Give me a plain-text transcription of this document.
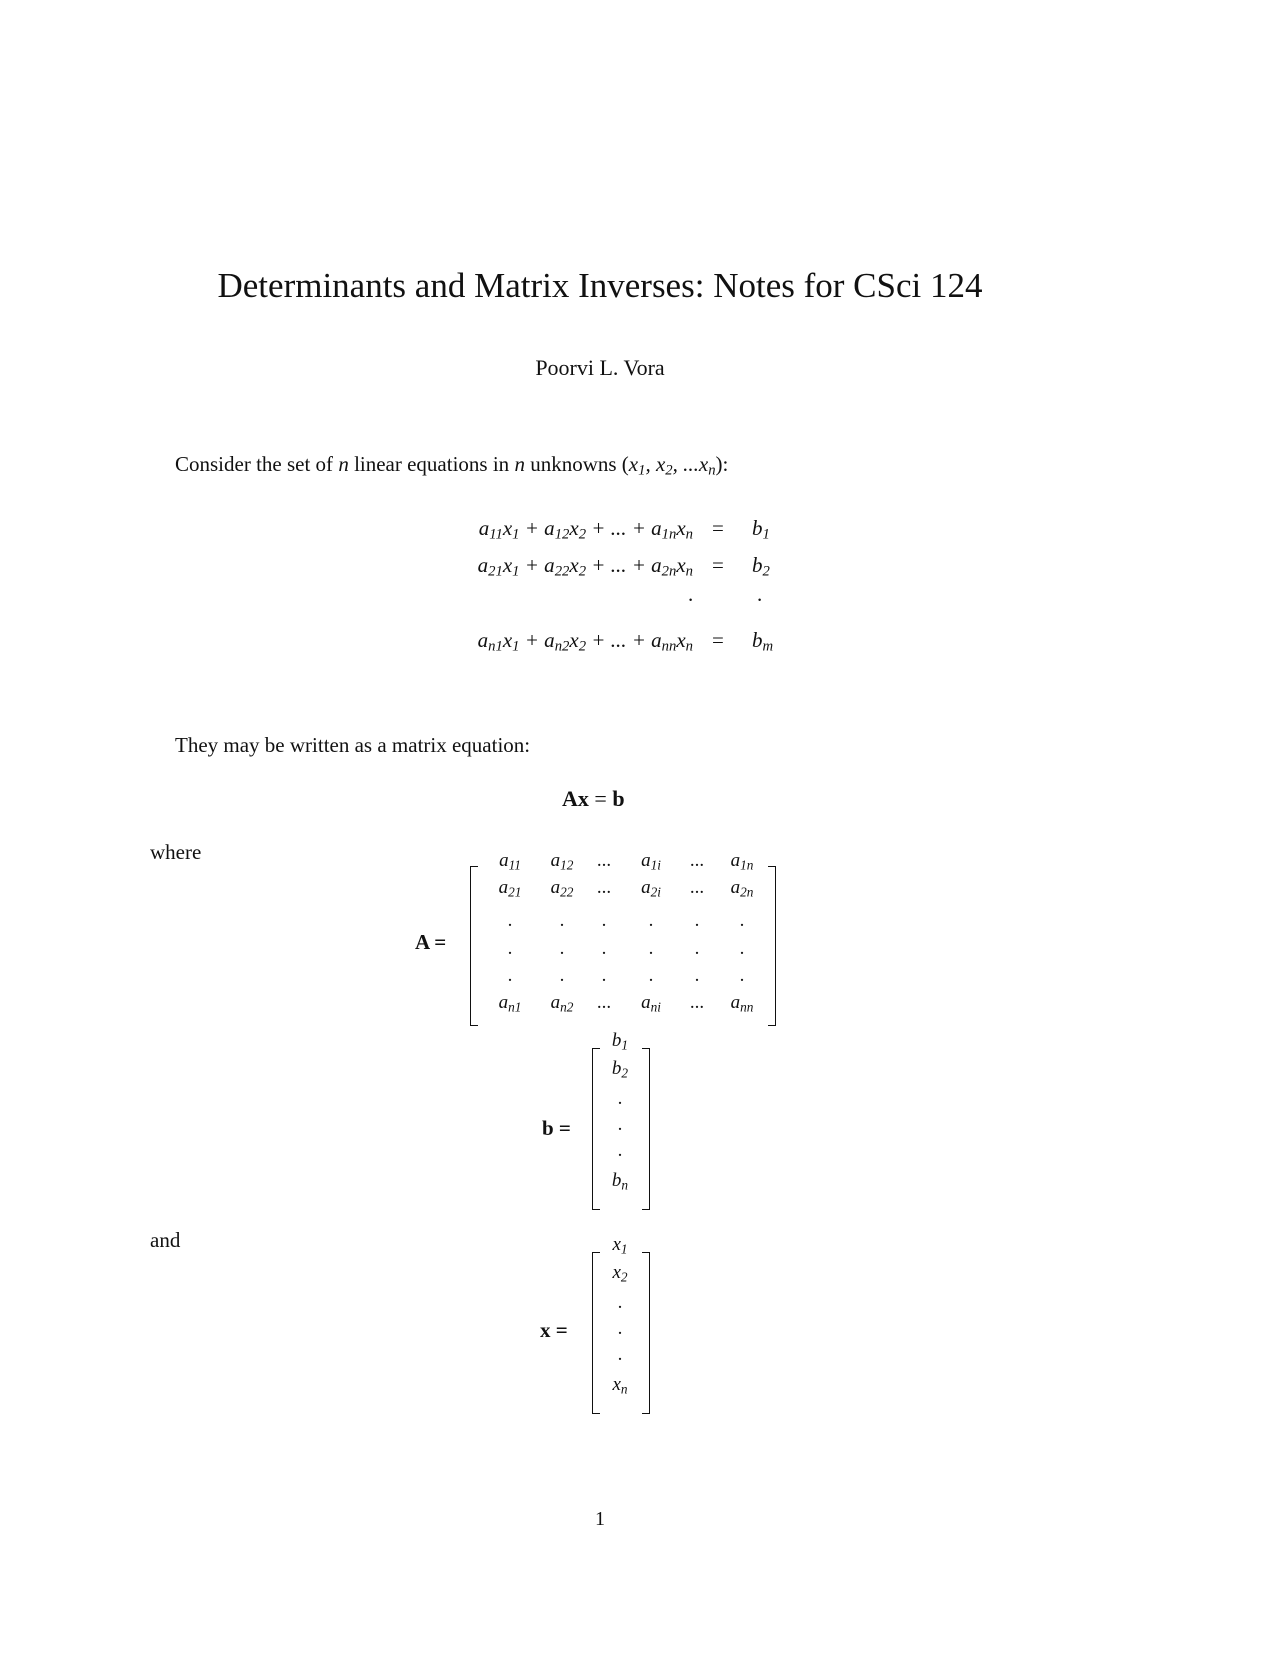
Determinants and Matrix Inverses: Notes for CSci 124
Poorvi L. Vora
Consider the set of n linear equations in n unknowns ($x_1$, $x_2$, $...x_n$):
$a_{11}x_1 + a_{12}x_2$ + ... + $a_{1n}x_n = b_1$
$a_{21}x_1 + a_{22}x_2$ + ... + $a_{2n}x_n = b_2$
.	.
$a_{n1}x_1 + a_{n2}x_2$ + ... + $a_{nn}x_n = b_m$
They may be written as a matrix equation:
Ax = b
where
A =
$a_{11}$	$a_{12}$	...	$a_{1i}$	...	$a_{1n}$
$a_{21}$	$a_{22}$	...	$a_{2i}$	...	$a_{2n}$
.	.	.	.	.	.
.	.	.	.	.	.
.	.	.	.	.	.
$a_{n1}$	$a_{n2}$	...	$a_{ni}$	...	$a_{nn}$
b =
$b_1$
$b_2$
.
.
.
$b_n$
and
x =
$x_1$
$x_2$
.
.
.
$x_n$
1
